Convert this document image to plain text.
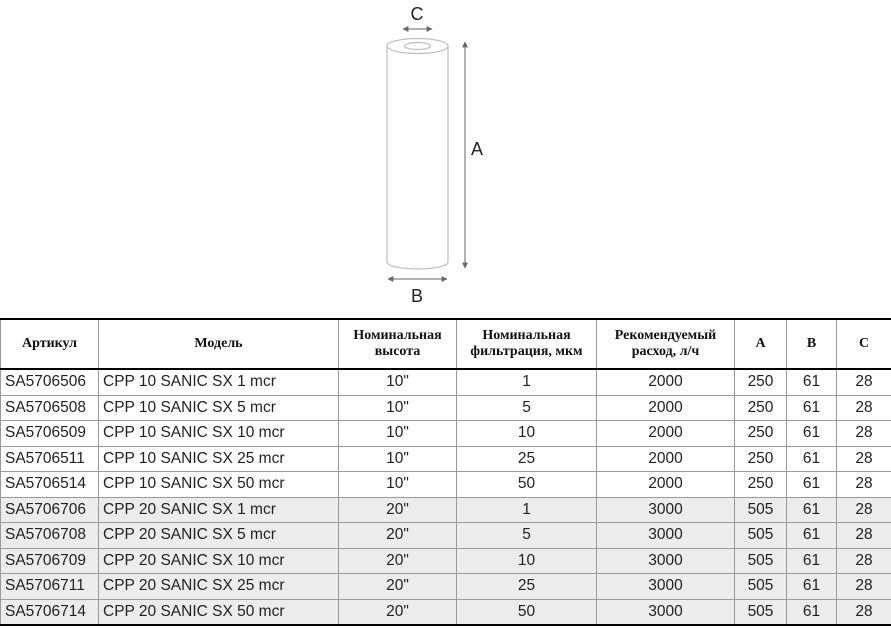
C
A
B
Артикул	Модель	Номинальная высота	Номинальная фильтрация, мкм	Рекомендуемый расход, л/ч	A	B	C
SA5706506	CPP 10 SANIC SX 1 mcr	10"	1	2000	250	61	28
SA5706508	CPP 10 SANIC SX 5 mcr	10"	5	2000	250	61	28
SA5706509	CPP 10 SANIC SX 10 mcr	10"	10	2000	250	61	28
SA5706511	CPP 10 SANIC SX 25 mcr	10"	25	2000	250	61	28
SA5706514	CPP 10 SANIC SX 50 mcr	10"	50	2000	250	61	28
SA5706706	CPP 20 SANIC SX 1 mcr	20"	1	3000	505	61	28
SA5706708	CPP 20 SANIC SX 5 mcr	20"	5	3000	505	61	28
SA5706709	CPP 20 SANIC SX 10 mcr	20"	10	3000	505	61	28
SA5706711	CPP 20 SANIC SX 25 mcr	20"	25	3000	505	61	28
SA5706714	CPP 20 SANIC SX 50 mcr	20"	50	3000	505	61	28
